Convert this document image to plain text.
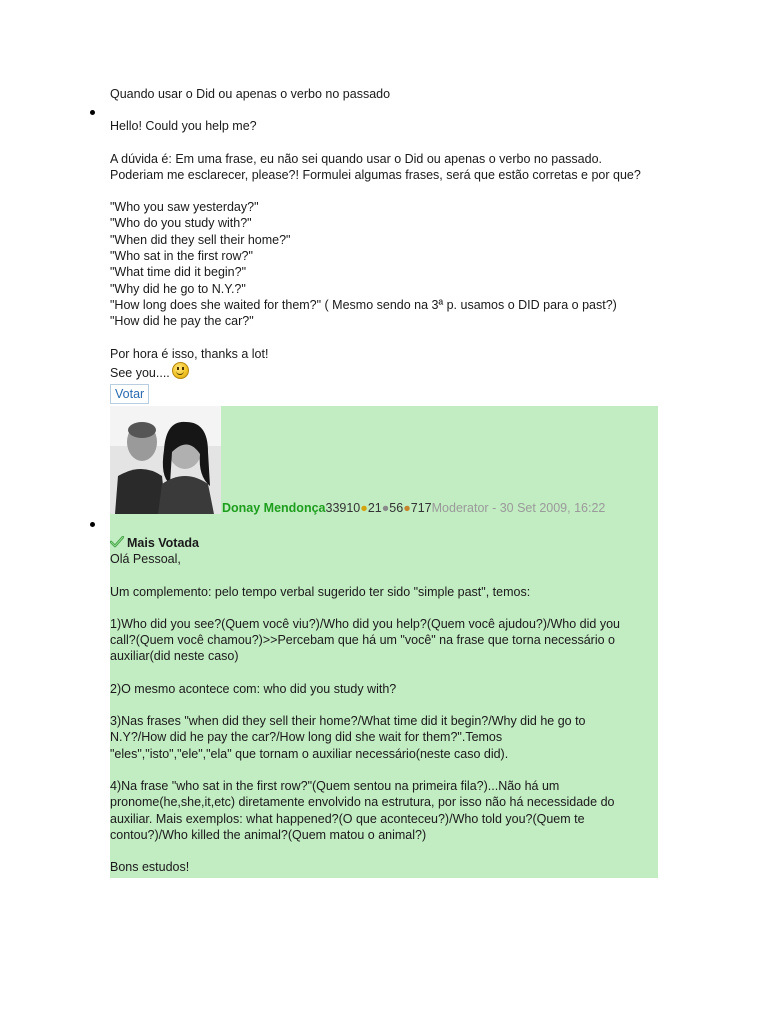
Quando usar o Did ou apenas o verbo no passado

Hello! Could you help me?

A dúvida é: Em uma frase, eu não sei quando usar o Did ou apenas o verbo no passado.

Poderiam me esclarecer, please?! Formulei algumas frases, será que estão corretas e por que?

"Who you saw yesterday?"

"Who do you study with?"

"When did they sell their home?"

"Who sat in the first row?"

"What time did it begin?"

"Why did he go to N.Y.?"

"How long does she waited for them?" ( Mesmo sendo na 3ª p. usamos o DID para o past?)

"How did he pay the car?"

Por hora é isso, thanks a lot!

See you....

Votar
Donay Mendonça33910●21●56●717Moderator - 30 Set 2009, 16:22

Mais Votada

Olá Pessoal,

Um complemento: pelo tempo verbal sugerido ter sido "simple past", temos:

1)Who did you see?(Quem você viu?)/Who did you help?(Quem você ajudou?)/Who did you

call?(Quem você chamou?)>>Percebam que há um "você" na frase que torna necessário o

auxiliar(did neste caso)

2)O mesmo acontece com: who did you study with?

3)Nas frases "when did they sell their home?/What time did it begin?/Why did he go to

N.Y?/How did he pay the car?/How long did she wait for them?".Temos

"eles","isto","ele","ela" que tornam o auxiliar necessário(neste caso did).

4)Na frase "who sat in the first row?"(Quem sentou na primeira fila?)...Não há um

pronome(he,she,it,etc) diretamente envolvido na estrutura, por isso não há necessidade do

auxiliar. Mais exemplos: what happened?(O que aconteceu?)/Who told you?(Quem te

contou?)/Who killed the animal?(Quem matou o animal?)

Bons estudos!
